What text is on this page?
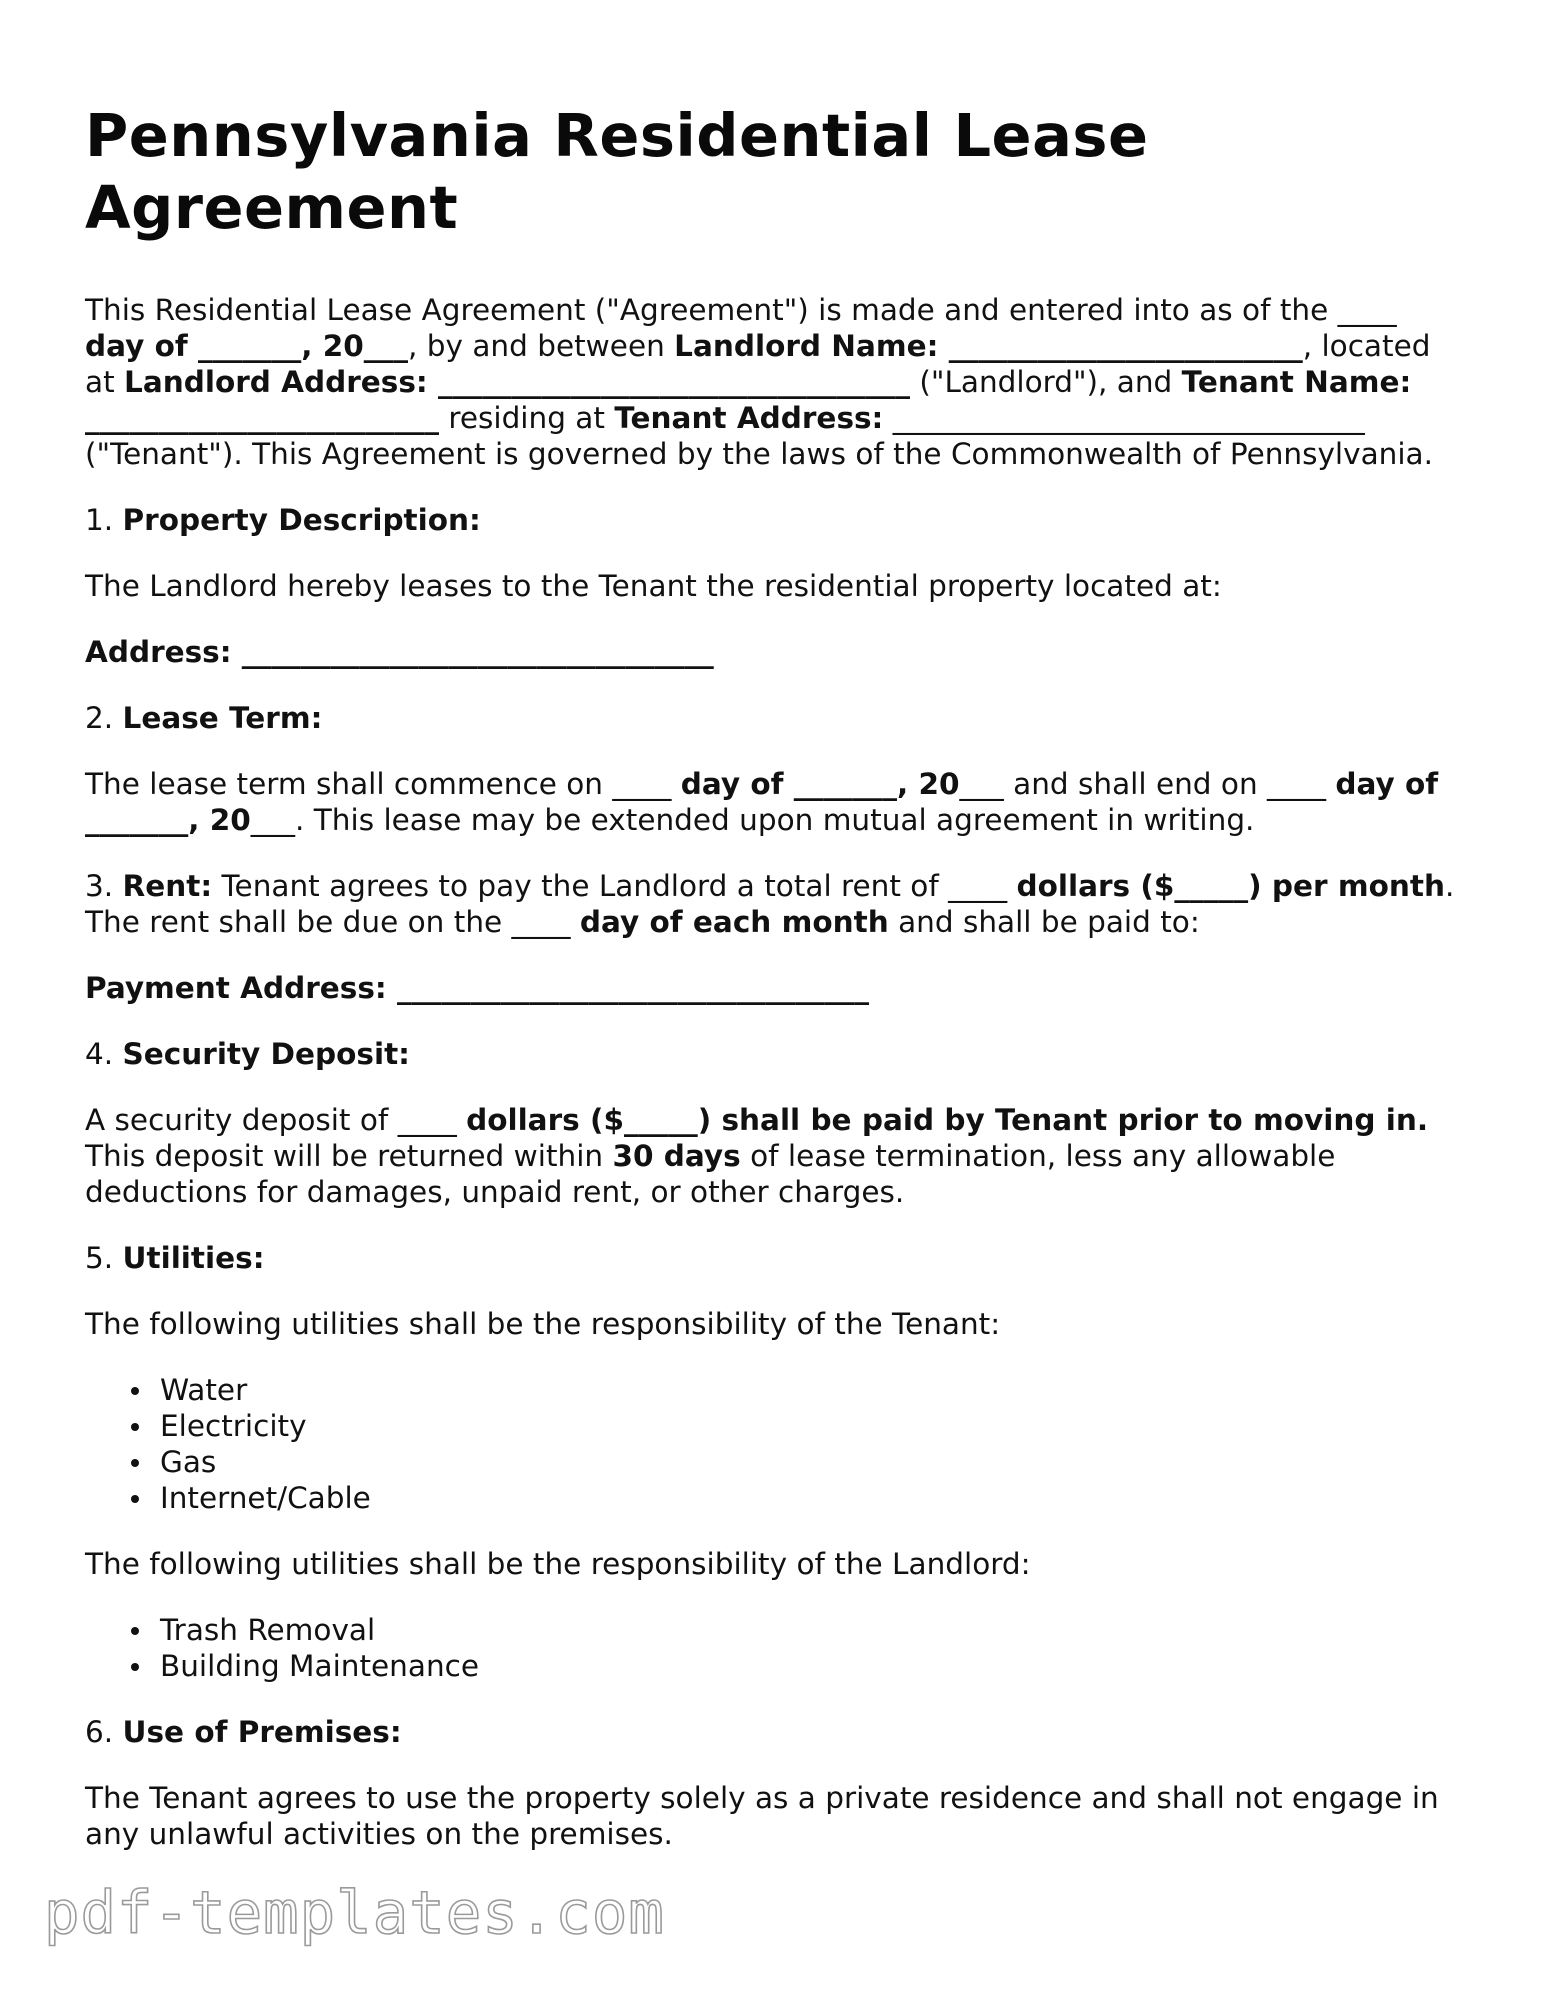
Pennsylvania Residential Lease Agreement

This Residential Lease Agreement ("Agreement") is made and entered into as of the ____ day of _______, 20___, by and between Landlord Name: ________________________, located at Landlord Address: ________________________________ ("Landlord"), and Tenant Name: ________________________ residing at Tenant Address: ________________________________ ("Tenant"). This Agreement is governed by the laws of the Commonwealth of Pennsylvania.

1. Property Description:

The Landlord hereby leases to the Tenant the residential property located at:

Address: ________________________________

2. Lease Term:

The lease term shall commence on ____ day of _______, 20___ and shall end on ____ day of _______, 20___. This lease may be extended upon mutual agreement in writing.

3. Rent: Tenant agrees to pay the Landlord a total rent of ____ dollars ($_____) per month. The rent shall be due on the ____ day of each month and shall be paid to:

Payment Address: ________________________________

4. Security Deposit:

A security deposit of ____ dollars ($_____) shall be paid by Tenant prior to moving in. This deposit will be returned within 30 days of lease termination, less any allowable deductions for damages, unpaid rent, or other charges.

5. Utilities:

The following utilities shall be the responsibility of the Tenant:

Water
Electricity
Gas
Internet/Cable

The following utilities shall be the responsibility of the Landlord:

Trash Removal
Building Maintenance

6. Use of Premises:

The Tenant agrees to use the property solely as a private residence and shall not engage in any unlawful activities on the premises.

pdf-templates.com
